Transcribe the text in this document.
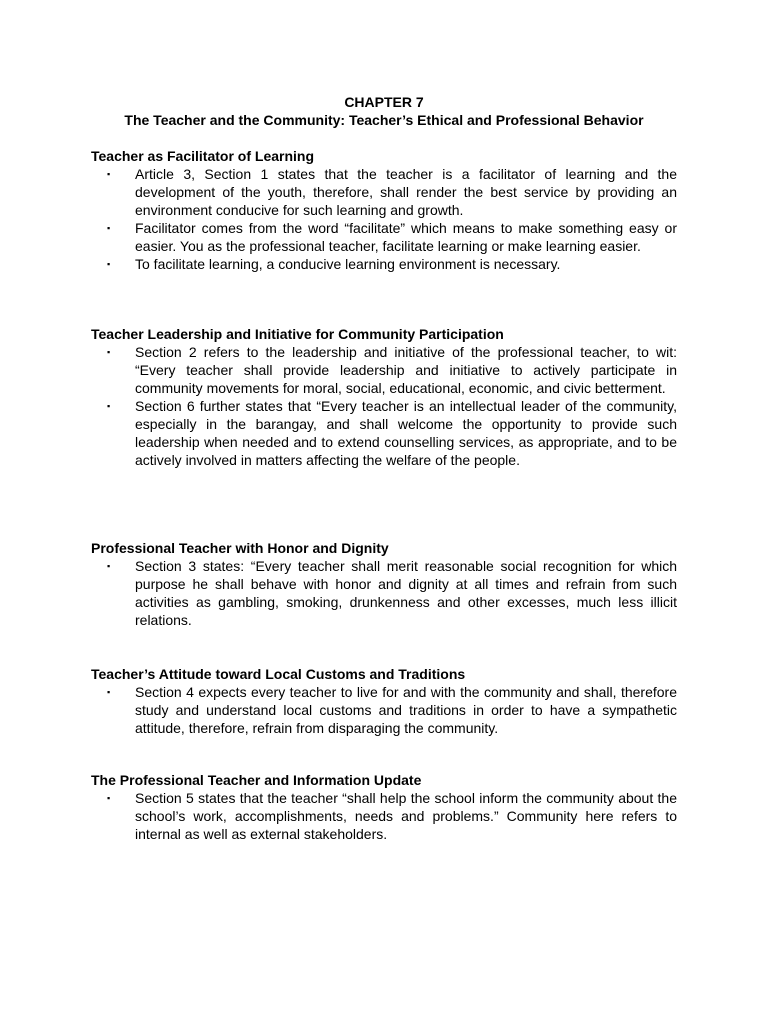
CHAPTER 7
The Teacher and the Community: Teacher’s Ethical and Professional Behavior
Teacher as Facilitator of Learning
▪ Article 3, Section 1 states that the teacher is a facilitator of learning and the development of the youth, therefore, shall render the best service by providing an environment conducive for such learning and growth.
▪ Facilitator comes from the word “facilitate” which means to make something easy or easier. You as the professional teacher, facilitate learning or make learning easier.
▪ To facilitate learning, a conducive learning environment is necessary.
Teacher Leadership and Initiative for Community Participation
▪ Section 2 refers to the leadership and initiative of the professional teacher, to wit: “Every teacher shall provide leadership and initiative to actively participate in community movements for moral, social, educational, economic, and civic betterment.
▪ Section 6 further states that “Every teacher is an intellectual leader of the community, especially in the barangay, and shall welcome the opportunity to provide such leadership when needed and to extend counselling services, as appropriate, and to be actively involved in matters affecting the welfare of the people.
Professional Teacher with Honor and Dignity
▪ Section 3 states: “Every teacher shall merit reasonable social recognition for which purpose he shall behave with honor and dignity at all times and refrain from such activities as gambling, smoking, drunkenness and other excesses, much less illicit relations.
Teacher’s Attitude toward Local Customs and Traditions
▪ Section 4 expects every teacher to live for and with the community and shall, therefore study and understand local customs and traditions in order to have a sympathetic attitude, therefore, refrain from disparaging the community.
The Professional Teacher and Information Update
▪ Section 5 states that the teacher “shall help the school inform the community about the school’s work, accomplishments, needs and problems.” Community here refers to internal as well as external stakeholders.
